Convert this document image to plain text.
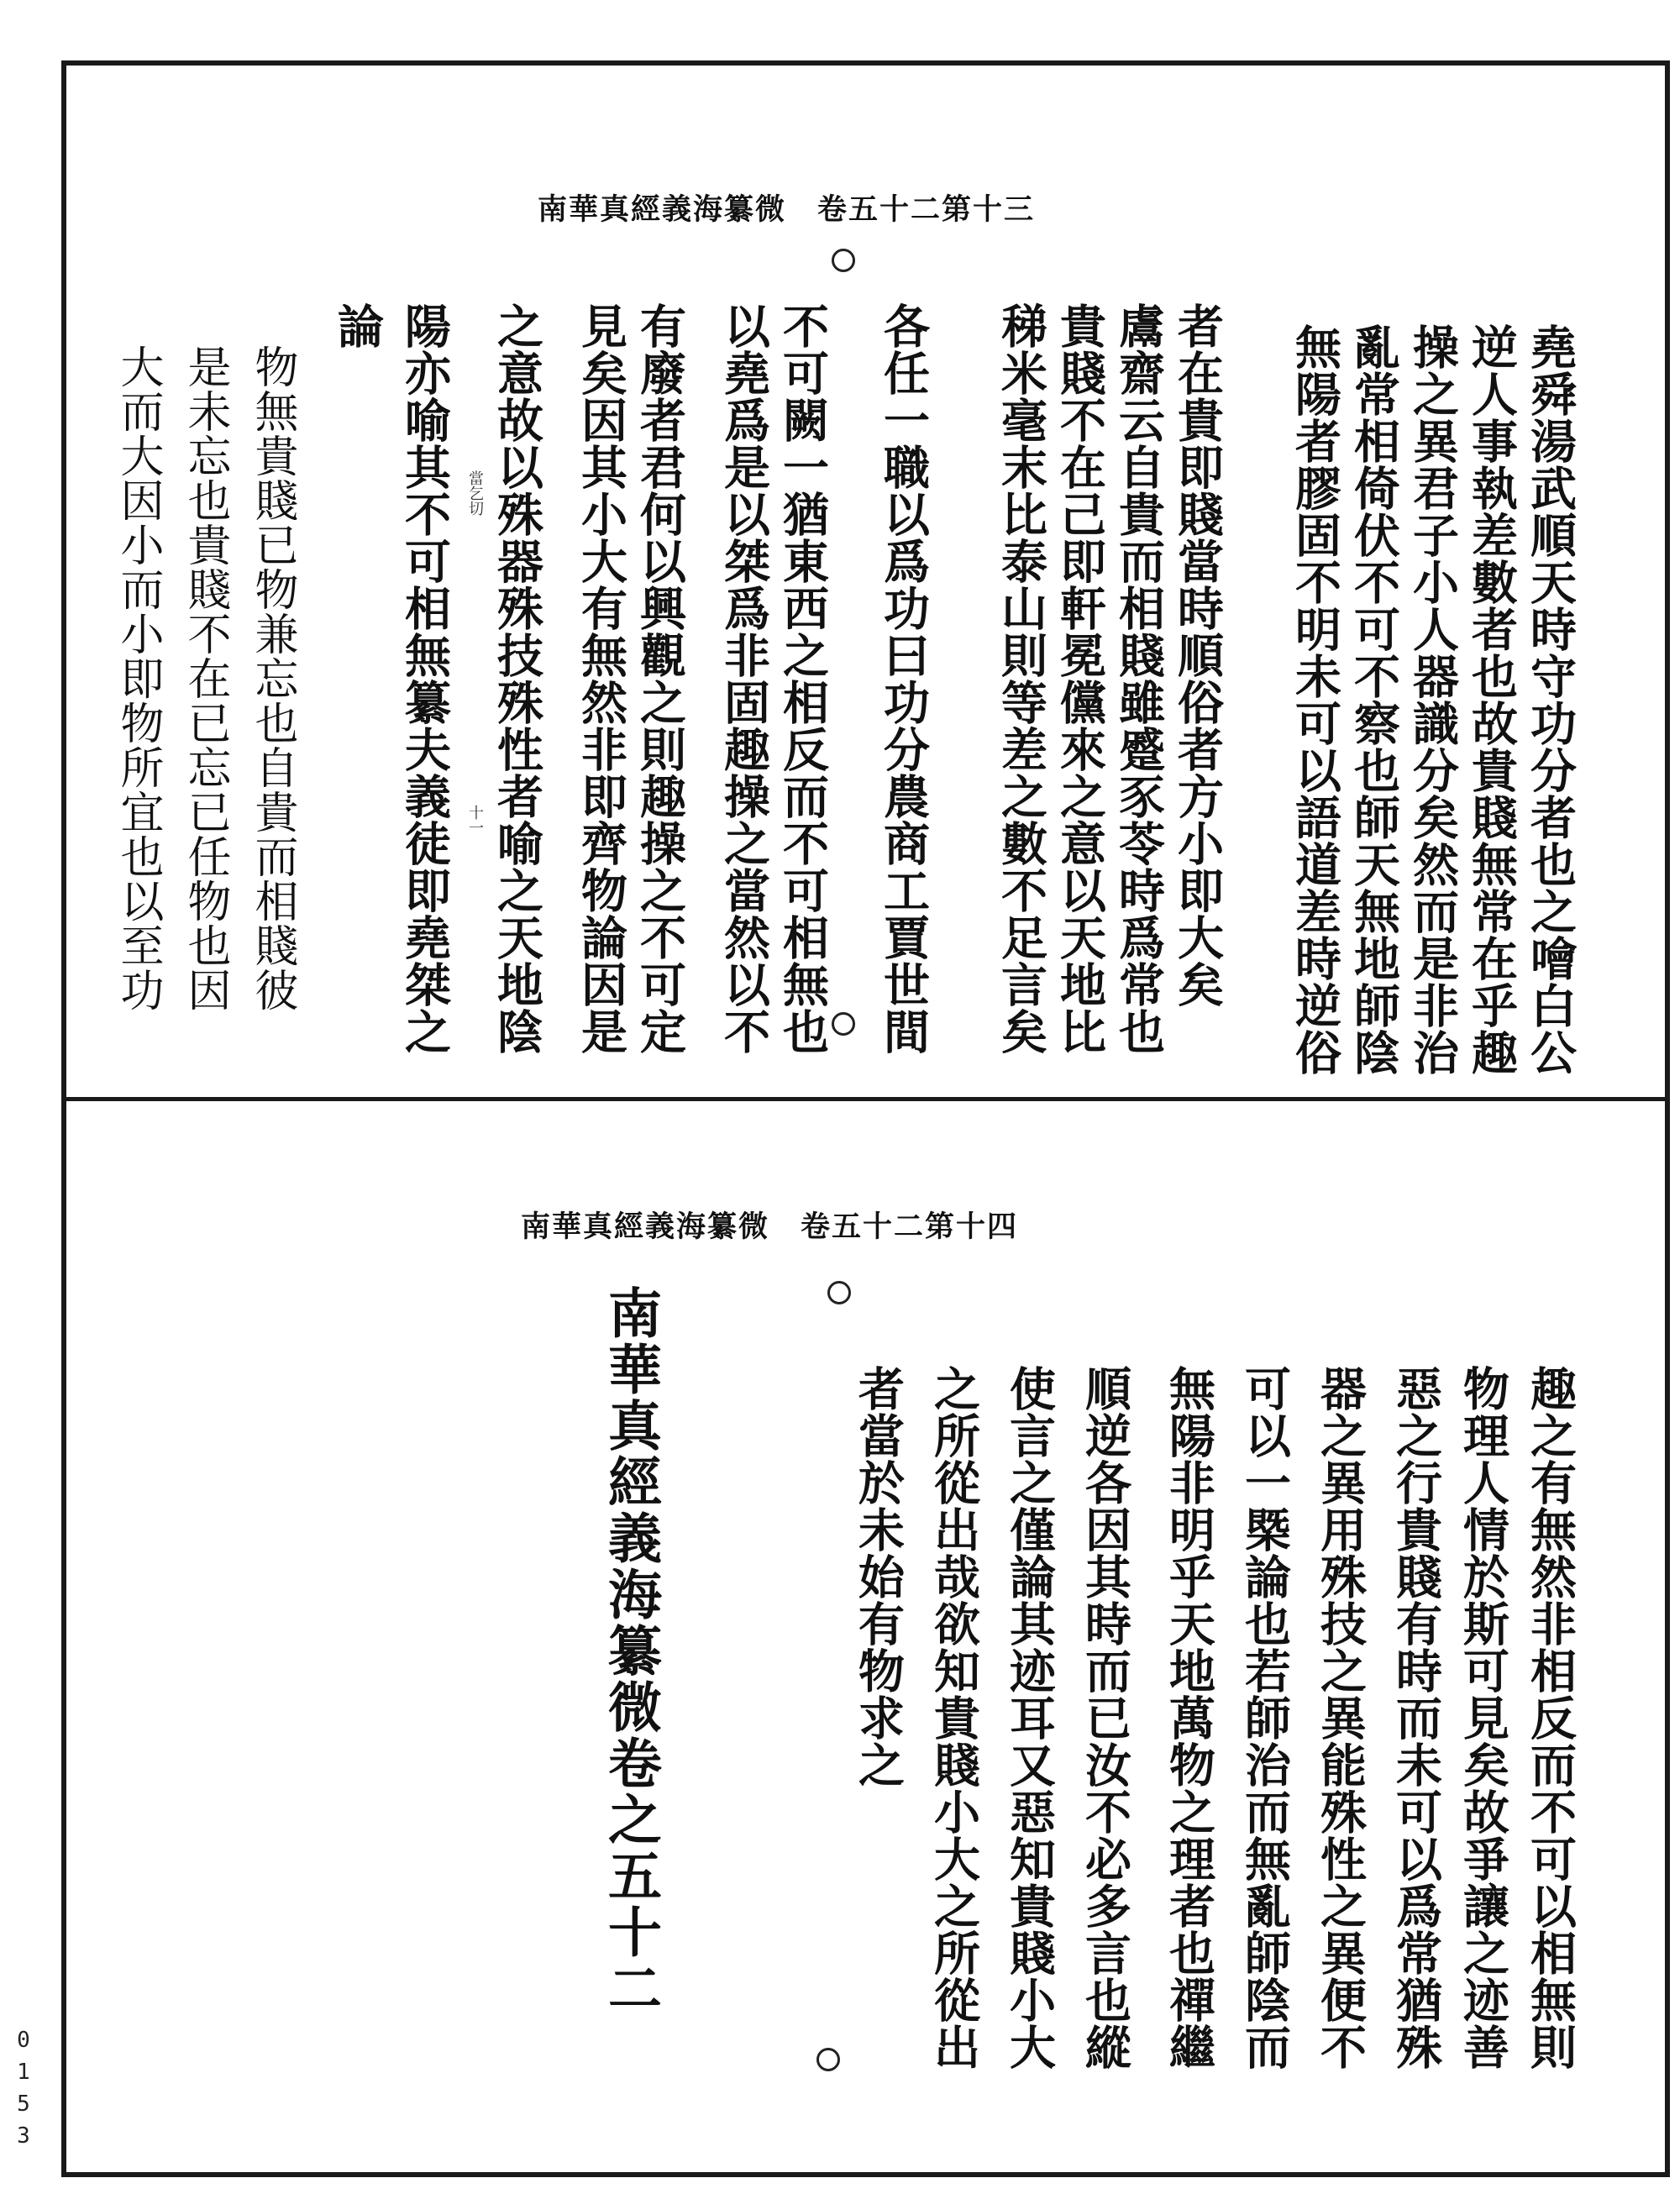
南華真經義海纂微　卷五十二第十三
堯舜湯武順天時守功分者也之噲白公
逆人事執差數者也故貴賤無常在乎趣
操之異君子小人器識分矣然而是非治
亂常相倚伏不可不察也師天無地師陰
無陽者膠固不明未可以語道差時逆俗
者在貴即賤當時順俗者方小即大矣
鬳齋云自貴而相賤雖蹙豕苓時爲常也
貴賤不在己即軒冕儻來之意以天地比
稊米毫末比泰山則等差之數不足言矣
各任一職以爲功曰功分農商工賈世間
不可闕一猶東西之相反而不可相無也
以堯爲是以桀爲非固趣操之當然以不
有廢者君何以興觀之則趣操之不可定
見矣因其小大有無然非即齊物論因是
之意故以殊器殊技殊性者喻之天地陰
陽亦喻其不可相無纂夫義徒即堯桀之
論
物無貴賤已物兼忘也自貴而相賤彼
是未忘也貴賤不在已忘已任物也因
大而大因小而小即物所宜也以至功	當乞切
十一
南華真經義海纂微　卷五十二第十四
趣之有無然非相反而不可以相無則
物理人情於斯可見矣故爭讓之迹善
惡之行貴賤有時而未可以爲常猶殊
器之異用殊技之異能殊性之異便不
可以一槩論也若師治而無亂師陰而
無陽非明乎天地萬物之理者也禪繼
順逆各因其時而已汝不必多言也縱
使言之僅論其迹耳又惡知貴賤小大
之所從出哉欲知貴賤小大之所從出
者當於未始有物求之
南華真經義海纂微卷之五十二
0153
